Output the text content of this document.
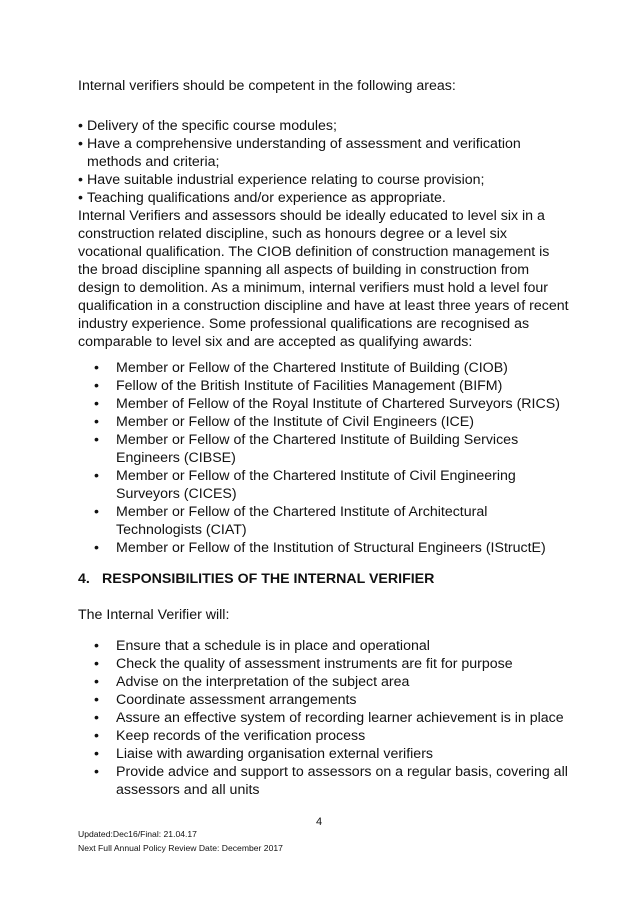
Internal verifiers should be competent in the following areas:
• Delivery of the specific course modules;
• Have a comprehensive understanding of assessment and verification methods and criteria;
• Have suitable industrial experience relating to course provision;
• Teaching qualifications and/or experience as appropriate.

Internal Verifiers and assessors should be ideally educated to level six in a construction related discipline, such as honours degree or a level six vocational qualification. The CIOB definition of construction management is the broad discipline spanning all aspects of building in construction from design to demolition. As a minimum, internal verifiers must hold a level four qualification in a construction discipline and have at least three years of recent industry experience. Some professional qualifications are recognised as comparable to level six and are accepted as qualifying awards:

• Member or Fellow of the Chartered Institute of Building (CIOB)
• Fellow of the British Institute of Facilities Management (BIFM)
• Member of Fellow of the Royal Institute of Chartered Surveyors (RICS)
• Member or Fellow of the Institute of Civil Engineers (ICE)
• Member or Fellow of the Chartered Institute of Building Services Engineers (CIBSE)
• Member or Fellow of the Chartered Institute of Civil Engineering Surveyors (CICES)
• Member or Fellow of the Chartered Institute of Architectural Technologists (CIAT)
• Member or Fellow of the Institution of Structural Engineers (IStructE)
4. RESPONSIBILITIES OF THE INTERNAL VERIFIER
The Internal Verifier will:
• Ensure that a schedule is in place and operational
• Check the quality of assessment instruments are fit for purpose
• Advise on the interpretation of the subject area
• Coordinate assessment arrangements
• Assure an effective system of recording learner achievement is in place
• Keep records of the verification process
• Liaise with awarding organisation external verifiers
• Provide advice and support to assessors on a regular basis, covering all assessors and all units
4
Updated:Dec16/Final: 21.04.17
Next Full Annual Policy Review Date: December 2017
